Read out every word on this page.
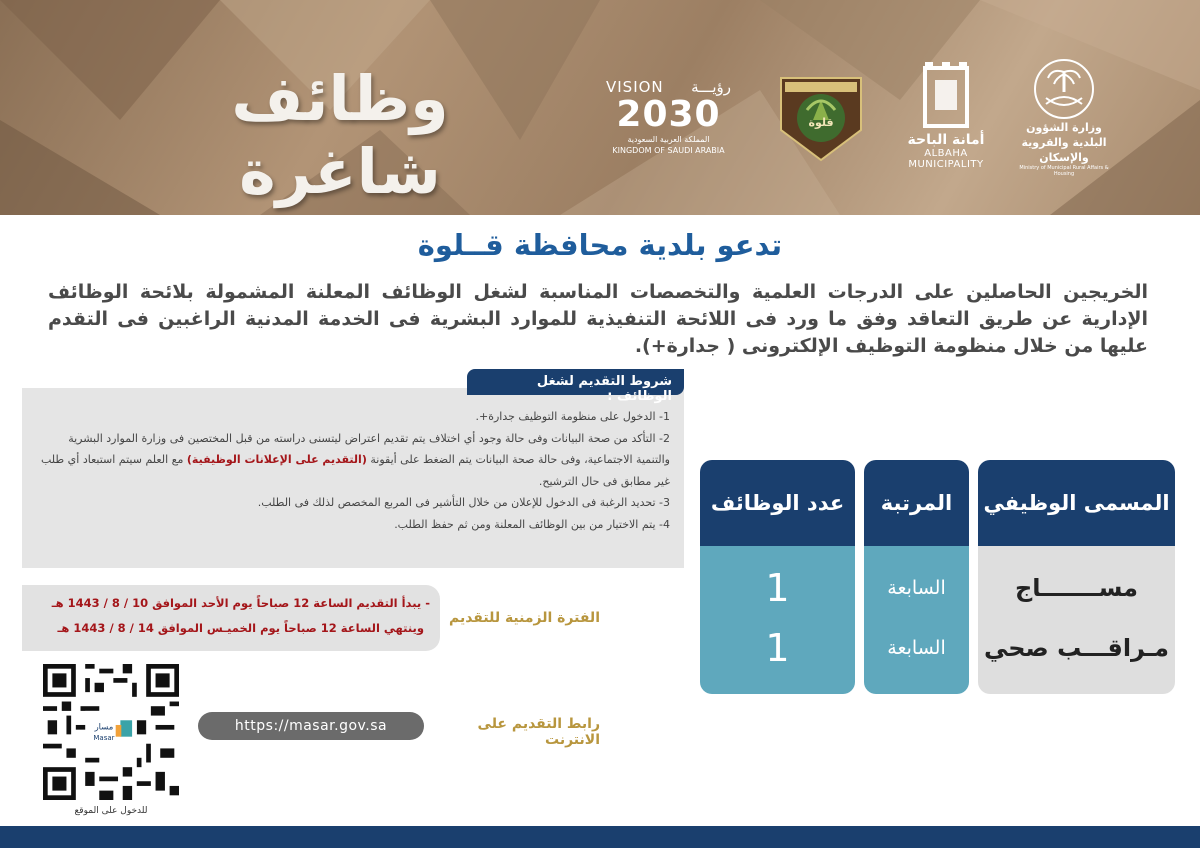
وظائف شاغرة
VISION رؤيـــة
2030
المملكة العربية السعودية
KINGDOM OF SAUDI ARABIA
قلوة
أمانة الباحة
ALBAHA MUNICIPALITY
وزارة الشؤون البلدية والقروية والإسكان
Ministry of Municipal Rural Affairs & Housing
تدعو بلدية محافظة قــلوة
الخريجين الحاصلين على الدرجات العلمية والتخصصات المناسبة لشغل الوظائف المعلنة المشمولة بلائحة الوظائف الإدارية عن طريق التعاقد وفق ما ورد فى اللائحة التنفيذية للموارد البشرية فى الخدمة المدنية الراغبين فى التقدم عليها من خلال منظومة التوظيف الإلكترونى ( جدارة+).
1- الدخول على منظومة التوظيف جدارة+.
2- التأكد من صحة البيانات وفى حالة وجود أي اختلاف يتم تقديم اعتراض ليتسنى دراسته من قبل المختصين فى وزارة الموارد البشرية والتنمية الاجتماعية، وفى حالة صحة البيانات يتم الضغط على أيقونة (التقديم على الإعلانات الوظيفية) مع العلم سيتم استبعاد أي طلب غير مطابق فى حال الترشيح.
3- تحديد الرغبة فى الدخول للإعلان من خلال التأشير فى المربع المخصص لذلك فى الطلب.
4- يتم الاختيار من بين الوظائف المعلنة ومن ثم حفظ الطلب.
شروط التقديم لشغل الوظائف :
المسمى الوظيفي
مســـــــاج
مـراقـــب صحي
المرتبة
السابعة
السابعة
عدد الوظائف
1
1
الفترة الزمنية للتقديم
- يبدأ التقديم الساعة 12 صباحاً يوم الأحد الموافق 10 / 8 / 1443 هـ
وينتهي الساعة 12 صباحاً يوم الخميـس الموافق 14 / 8 / 1443 هـ
رابط التقديم على الانترنت
https://masar.gov.sa
مسار
Masar
للدخول على الموقع
